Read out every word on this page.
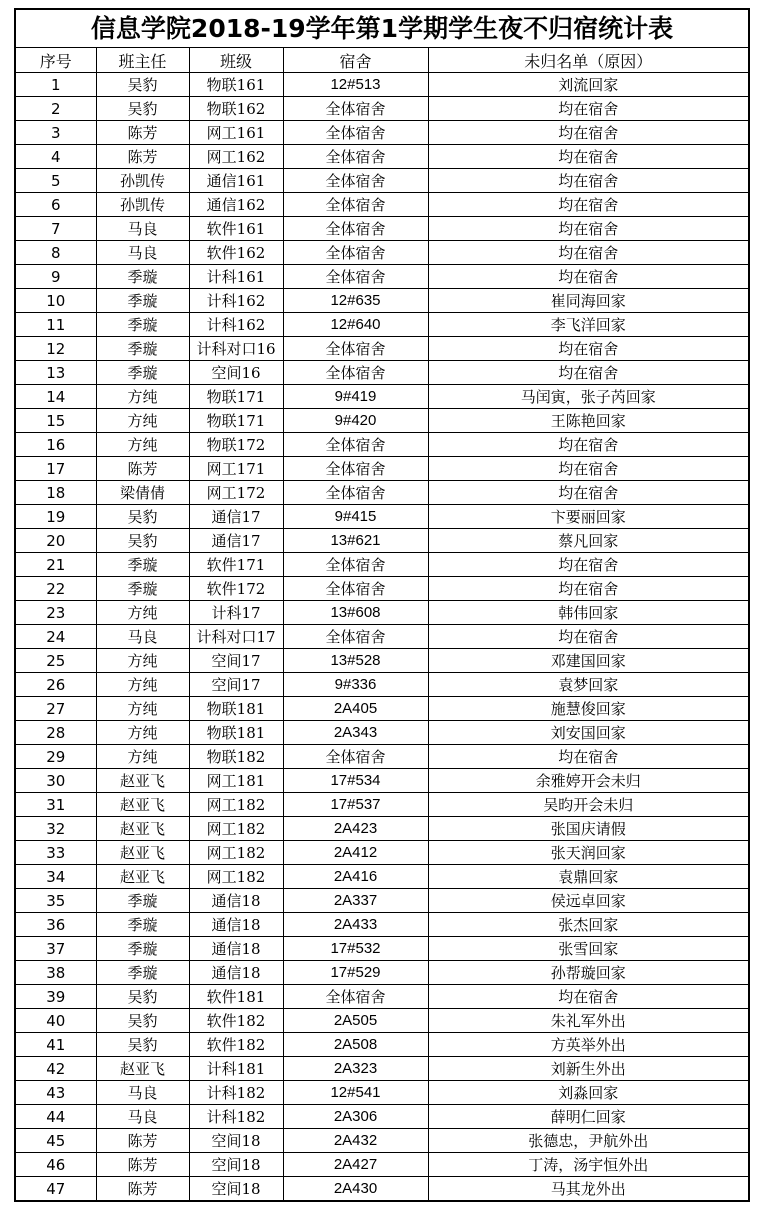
信息学院2018-19学年第1学期学生夜不归宿统计表
序号	班主任	班级	宿舍	未归名单（原因）
1	吴豹	物联161	12#513	刘流回家
2	吴豹	物联162	全体宿舍	均在宿舍
3	陈芳	网工161	全体宿舍	均在宿舍
4	陈芳	网工162	全体宿舍	均在宿舍
5	孙凯传	通信161	全体宿舍	均在宿舍
6	孙凯传	通信162	全体宿舍	均在宿舍
7	马良	软件161	全体宿舍	均在宿舍
8	马良	软件162	全体宿舍	均在宿舍
9	季璇	计科161	全体宿舍	均在宿舍
10	季璇	计科162	12#635	崔同海回家
11	季璇	计科162	12#640	李飞洋回家
12	季璇	计科对口16	全体宿舍	均在宿舍
13	季璇	空间16	全体宿舍	均在宿舍
14	方纯	物联171	9#419	马闰寅，张子芮回家
15	方纯	物联171	9#420	王陈艳回家
16	方纯	物联172	全体宿舍	均在宿舍
17	陈芳	网工171	全体宿舍	均在宿舍
18	梁倩倩	网工172	全体宿舍	均在宿舍
19	吴豹	通信17	9#415	卞要丽回家
20	吴豹	通信17	13#621	蔡凡回家
21	季璇	软件171	全体宿舍	均在宿舍
22	季璇	软件172	全体宿舍	均在宿舍
23	方纯	计科17	13#608	韩伟回家
24	马良	计科对口17	全体宿舍	均在宿舍
25	方纯	空间17	13#528	邓建国回家
26	方纯	空间17	9#336	袁梦回家
27	方纯	物联181	2A405	施慧俊回家
28	方纯	物联181	2A343	刘安国回家
29	方纯	物联182	全体宿舍	均在宿舍
30	赵亚飞	网工181	17#534	余雅婷开会未归
31	赵亚飞	网工182	17#537	吴昀开会未归
32	赵亚飞	网工182	2A423	张国庆请假
33	赵亚飞	网工182	2A412	张天润回家
34	赵亚飞	网工182	2A416	袁鼎回家
35	季璇	通信18	2A337	侯远卓回家
36	季璇	通信18	2A433	张杰回家
37	季璇	通信18	17#532	张雪回家
38	季璇	通信18	17#529	孙帮璇回家
39	吴豹	软件181	全体宿舍	均在宿舍
40	吴豹	软件182	2A505	朱礼军外出
41	吴豹	软件182	2A508	方英举外出
42	赵亚飞	计科181	2A323	刘新生外出
43	马良	计科182	12#541	刘淼回家
44	马良	计科182	2A306	薛明仁回家
45	陈芳	空间18	2A432	张德忠，尹航外出
46	陈芳	空间18	2A427	丁涛，汤宇恒外出
47	陈芳	空间18	2A430	马其龙外出
